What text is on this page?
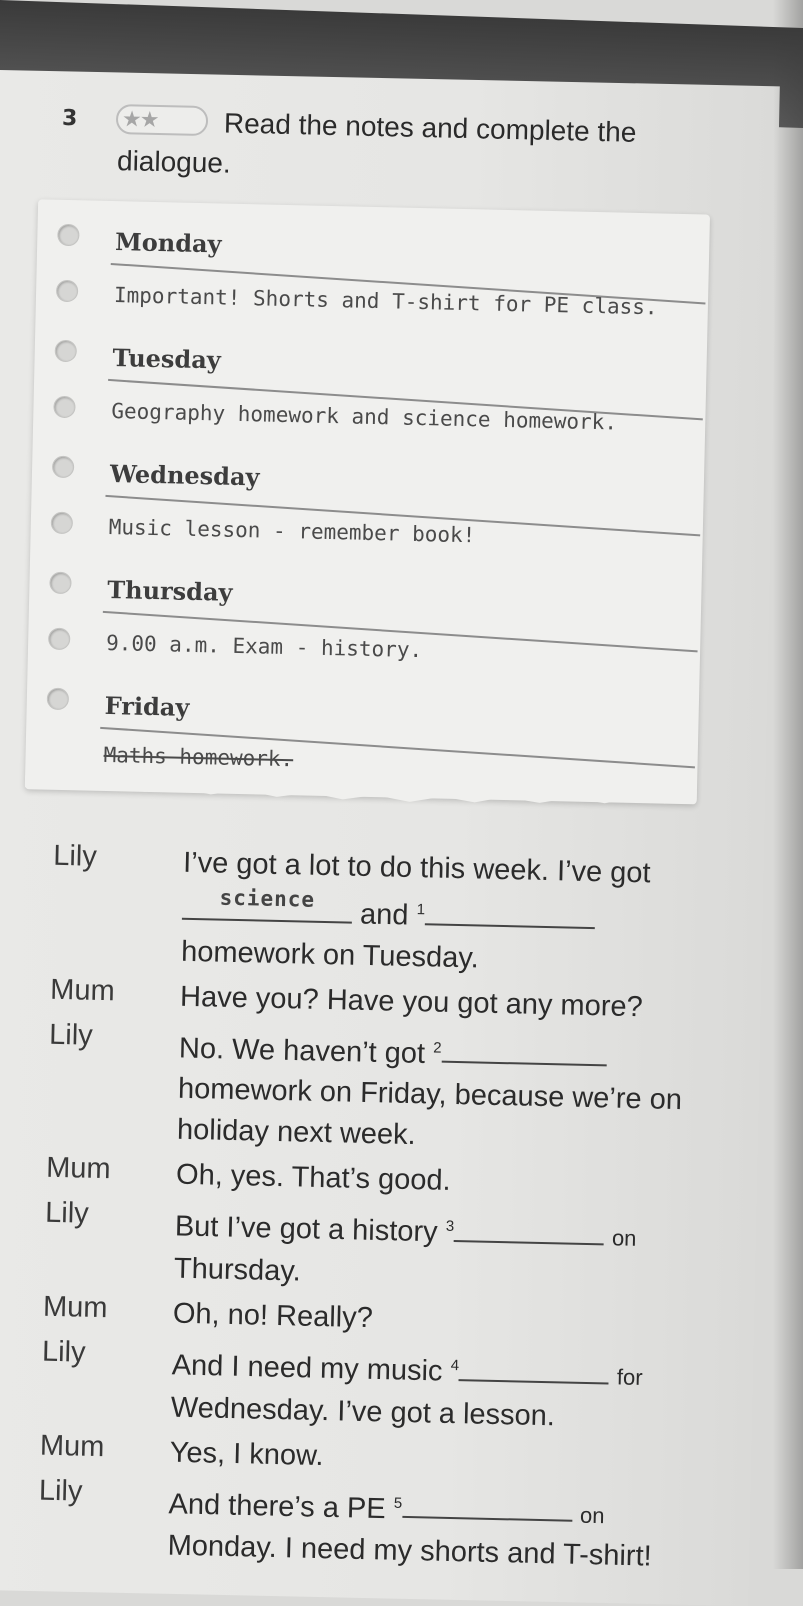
3 ★★	Read the notes and complete the dialogue.
Monday
Important! Shorts and T-shirt for PE class.
Tuesday
Geography homework and science homework.
Wednesday
Music lesson - remember book!
Thursday
9.00 a.m. Exam - history.
Friday
Maths homework.
Lily	I’ve got a lot to do this week. I’ve got

science
and $^1$
homework on Tuesday.
Mum	Have you? Have you got any more?
Lily	No. We haven’t got $^2$
homework on Friday, because we’re on holiday next week.
Mum	Oh, yes. That’s good.
Lily	But I’ve got a history $^3$	on
Thursday.
Mum	Oh, no! Really?
Lily	And I need my music $^4$	for
Wednesday. I’ve got a lesson.
Mum	Yes, I know.
Lily	And there’s a PE $^5$	on
Monday. I need my shorts and T-shirt!
